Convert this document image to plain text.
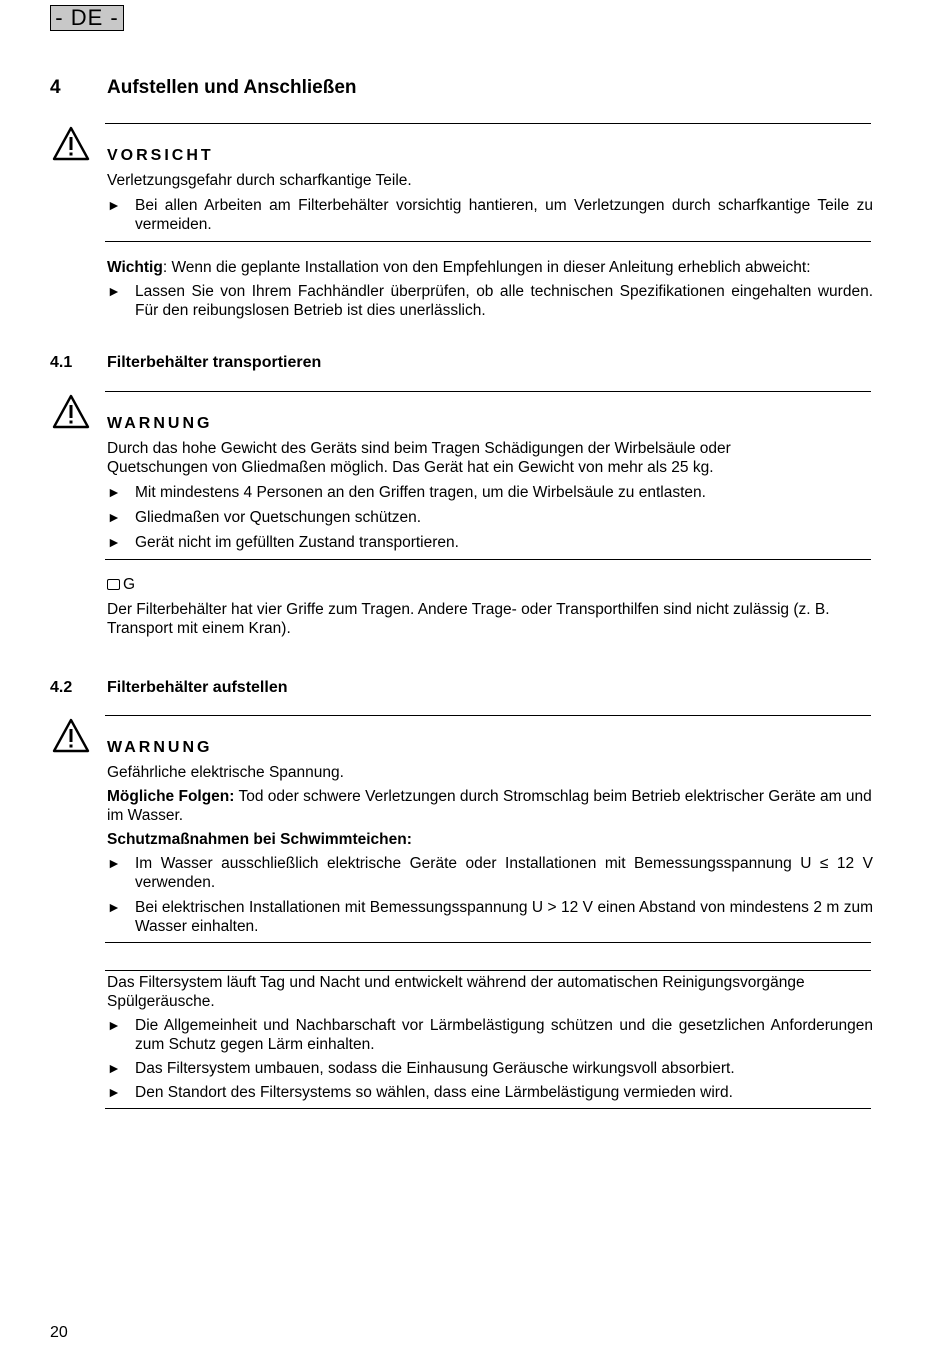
- DE -
4 Aufstellen und Anschließen
VORSICHT

Verletzungsgefahr durch scharfkantige Teile.

► Bei allen Arbeiten am Filterbehälter vorsichtig hantieren, um Verletzungen durch scharfkantige Teile zu vermeiden.

Wichtig: Wenn die geplante Installation von den Empfehlungen in dieser Anleitung erheblich abweicht:

► Lassen Sie von Ihrem Fachhändler überprüfen, ob alle technischen Spezifikationen eingehalten wurden. Für den reibungslosen Betrieb ist dies unerlässlich.

4.1 Filterbehälter transportieren
WARNUNG

Durch das hohe Gewicht des Geräts sind beim Tragen Schädigungen der Wirbelsäule oder Quetschungen von Gliedmaßen möglich. Das Gerät hat ein Gewicht von mehr als 25 kg.

► Mit mindestens 4 Personen an den Griffen tragen, um die Wirbelsäule zu entlasten.

► Gliedmaßen vor Quetschungen schützen.

► Gerät nicht im gefüllten Zustand transportieren.

G

Der Filterbehälter hat vier Griffe zum Tragen. Andere Trage- oder Transporthilfen sind nicht zulässig (z. B. Transport mit einem Kran).

4.2 Filterbehälter aufstellen
WARNUNG

Gefährliche elektrische Spannung.

Mögliche Folgen: Tod oder schwere Verletzungen durch Stromschlag beim Betrieb elektrischer Geräte am und im Wasser.

Schutzmaßnahmen bei Schwimmteichen:

► Im Wasser ausschließlich elektrische Geräte oder Installationen mit Bemessungsspannung U ≤ 12 V verwenden.

► Bei elektrischen Installationen mit Bemessungsspannung U > 12 V einen Abstand von mindestens 2 m zum Wasser einhalten.

Das Filtersystem läuft Tag und Nacht und entwickelt während der automatischen Reinigungsvorgänge Spülgeräusche.

► Die Allgemeinheit und Nachbarschaft vor Lärmbelästigung schützen und die gesetzlichen Anforderungen zum Schutz gegen Lärm einhalten.

► Das Filtersystem umbauen, sodass die Einhausung Geräusche wirkungsvoll absorbiert.

► Den Standort des Filtersystems so wählen, dass eine Lärmbelästigung vermieden wird.

20
